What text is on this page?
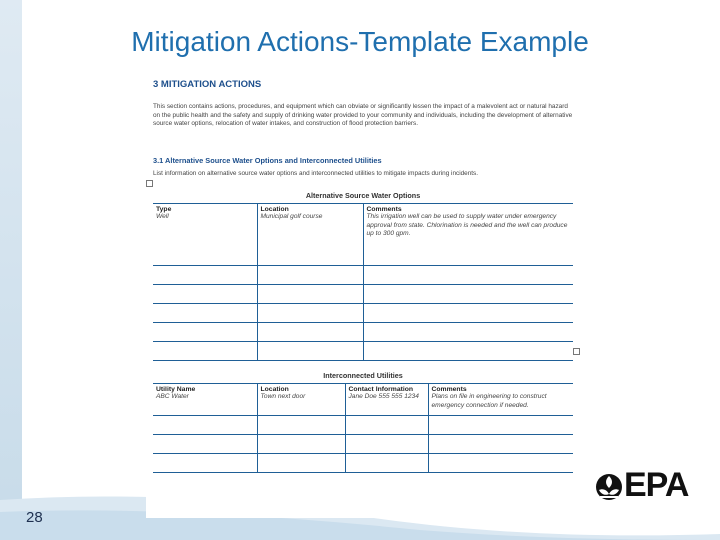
Mitigation Actions-Template Example
3 MITIGATION ACTIONS
This section contains actions, procedures, and equipment which can obviate or significantly lessen the impact of a malevolent act or natural hazard on the public health and the safety and supply of drinking water provided to your community and individuals, including the development of alternative source water options, relocation of water intakes, and construction of flood protection barriers.
3.1 Alternative Source Water Options and Interconnected Utilities
List information on alternative source water options and interconnected utilities to mitigate impacts during incidents.
Alternative Source Water Options		
Type	Location	Comments
Well	Municipal golf course	This irrigation well can be used to supply water under emergency approval from state. Chlorination is needed and the well can produce up to 300 gpm.

Interconnected Utilities			
Utility Name	Location	Contact Information	Comments
ABC Water	Town next door	Jane Doe 555 555 1234	Plans on file in engineering to construct emergency connection if needed.

EPA
28
